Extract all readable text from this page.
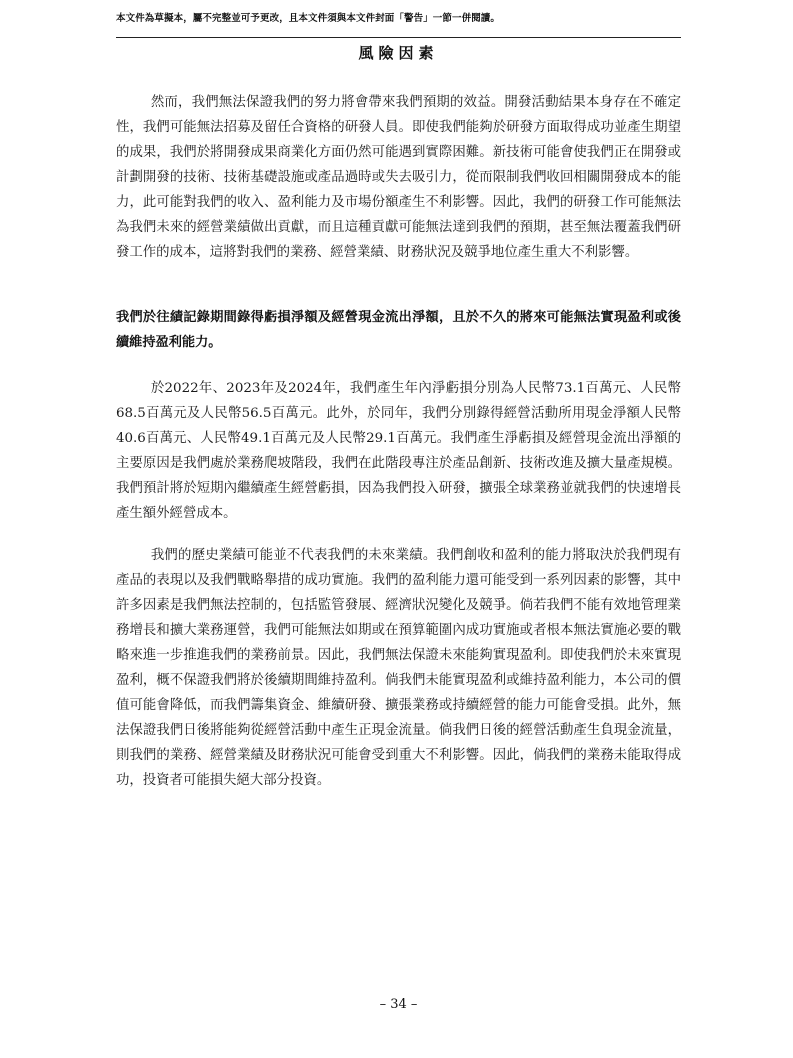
本文件為草擬本，屬不完整並可予更改，且本文件須與本文件封面「警告」一節一併閱讀。
風險因素

然而，我們無法保證我們的努力將會帶來我們預期的效益。開發活動結果本身存在不確定性，我們可能無法招募及留任合資格的研發人員。即使我們能夠於研發方面取得成功並產生期望的成果，我們於將開發成果商業化方面仍然可能遇到實際困難。新技術可能會使我們正在開發或計劃開發的技術、技術基礎設施或產品過時或失去吸引力，從而限制我們收回相關開發成本的能力，此可能對我們的收入、盈利能力及市場份額產生不利影響。因此，我們的研發工作可能無法為我們未來的經營業績做出貢獻，而且這種貢獻可能無法達到我們的預期，甚至無法覆蓋我們研發工作的成本，這將對我們的業務、經營業績、財務狀況及競爭地位產生重大不利影響。

我們於往績記錄期間錄得虧損淨額及經營現金流出淨額，且於不久的將來可能無法實現盈利或後續維持盈利能力。

於2022年、2023年及2024年，我們產生年內淨虧損分別為人民幣73.1百萬元、人民幣68.5百萬元及人民幣56.5百萬元。此外，於同年，我們分別錄得經營活動所用現金淨額人民幣40.6百萬元、人民幣49.1百萬元及人民幣29.1百萬元。我們產生淨虧損及經營現金流出淨額的主要原因是我們處於業務爬坡階段，我們在此階段專注於產品創新、技術改進及擴大量產規模。我們預計將於短期內繼續產生經營虧損，因為我們投入研發，擴張全球業務並就我們的快速增長產生額外經營成本。

我們的歷史業績可能並不代表我們的未來業績。我們創收和盈利的能力將取決於我們現有產品的表現以及我們戰略舉措的成功實施。我們的盈利能力還可能受到一系列因素的影響，其中許多因素是我們無法控制的，包括監管發展、經濟狀況變化及競爭。倘若我們不能有效地管理業務增長和擴大業務運營，我們可能無法如期或在預算範圍內成功實施或者根本無法實施必要的戰略來進一步推進我們的業務前景。因此，我們無法保證未來能夠實現盈利。即使我們於未來實現盈利，概不保證我們將於後續期間維持盈利。倘我們未能實現盈利或維持盈利能力，本公司的價值可能會降低，而我們籌集資金、維續研發、擴張業務或持續經營的能力可能會受損。此外，無法保證我們日後將能夠從經營活動中產生正現金流量。倘我們日後的經營活動產生負現金流量，則我們的業務、經營業績及財務狀況可能會受到重大不利影響。因此，倘我們的業務未能取得成功，投資者可能損失絕大部分投資。

– 34 –
